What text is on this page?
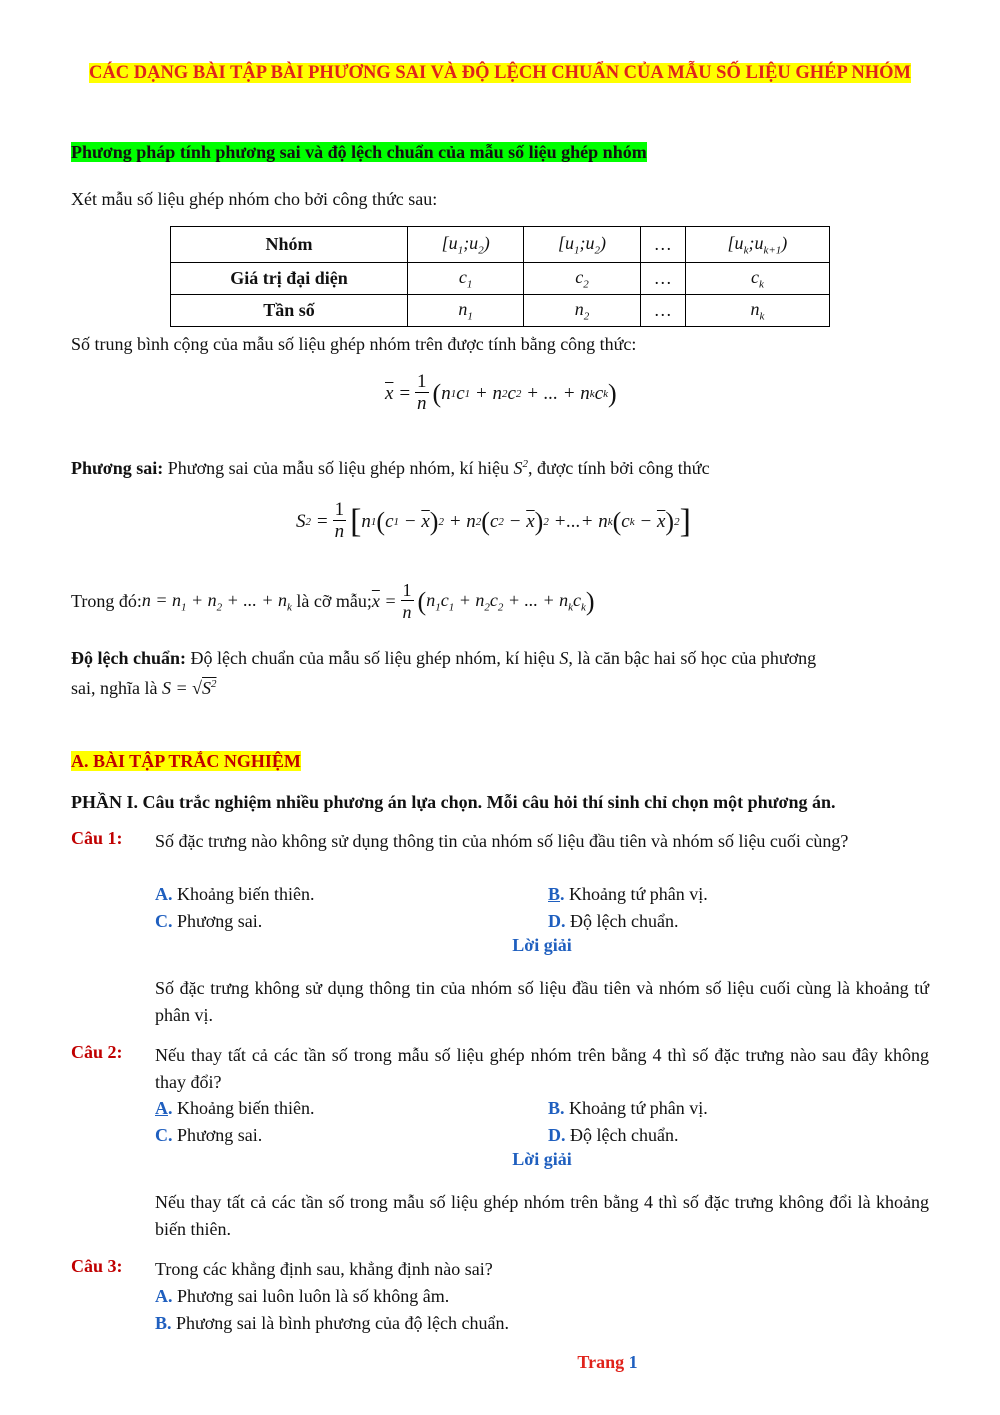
CÁC DẠNG BÀI TẬP BÀI PHƯƠNG SAI VÀ ĐỘ LỆCH CHUẨN CỦA MẪU SỐ LIỆU GHÉP NHÓM
Phương pháp tính phương sai và độ lệch chuẩn của mẫu số liệu ghép nhóm
Xét mẫu số liệu ghép nhóm cho bởi công thức sau:
Nhóm	$[u_1;u_2)$	$[u_1;u_2)$	…	$[u_k;u_{k+1})$
Giá trị đại diện	$c_1$	$c_2$	…	$c_k$
Tần số	$n_1$	$n_2$	…	$n_k$
Số trung bình cộng của mẫu số liệu ghép nhóm trên được tính bằng công thức:
$\overline{x} = \frac{1}{n}$ ( n 1 c 1 + n 2 c 2 + ... + n k c k )
Phương sai: Phương sai của mẫu số liệu ghép nhóm, kí hiệu $S^2$, được tính bởi công thức
S $2 = \frac{1}{n}$ [ n 1 ( c $1 - \overline{x}$ ) 2 + n 2 ( c $2 - \overline{x}$ ) 2 +...+ n k ( c $k - \overline{x}$ ) 2 ]
Trong đó: $n = n_1 + n_2$ + ... + $n_k$
là cỡ mẫu; $\overline{x} = \frac{1}{n}$ ( $n_1c_1 + n_2c_2$ + ... + $n_kc_k$ )
Độ lệch chuẩn: Độ lệch chuẩn của mẫu số liệu ghép nhóm, kí hiệu S, là căn bậc hai số học của phương
sai, nghĩa là $S = √S^2$
A. BÀI TẬP TRẮC NGHIỆM
PHẦN I. Câu trắc nghiệm nhiều phương án lựa chọn. Mỗi câu hỏi thí sinh chỉ chọn một phương án.
Câu 1: Số đặc trưng nào không sử dụng thông tin của nhóm số liệu đầu tiên và nhóm số liệu cuối cùng?
A. Khoảng biến thiên.	B. Khoảng tứ phân vị.
C. Phương sai.	D. Độ lệch chuẩn.
Lời giải
Số đặc trưng không sử dụng thông tin của nhóm số liệu đầu tiên và nhóm số liệu cuối cùng là khoảng tứ phân vị.
Câu 2: Nếu thay tất cả các tần số trong mẫu số liệu ghép nhóm trên bằng 4 thì số đặc trưng nào sau đây không thay đổi?
A. Khoảng biến thiên.	B. Khoảng tứ phân vị.
C. Phương sai.	D. Độ lệch chuẩn.
Lời giải
Nếu thay tất cả các tần số trong mẫu số liệu ghép nhóm trên bằng 4 thì số đặc trưng không đổi là khoảng biến thiên.
Câu 3: Trong các khẳng định sau, khẳng định nào sai?
A. Phương sai luôn luôn là số không âm.
B. Phương sai là bình phương của độ lệch chuẩn.
Trang 1
